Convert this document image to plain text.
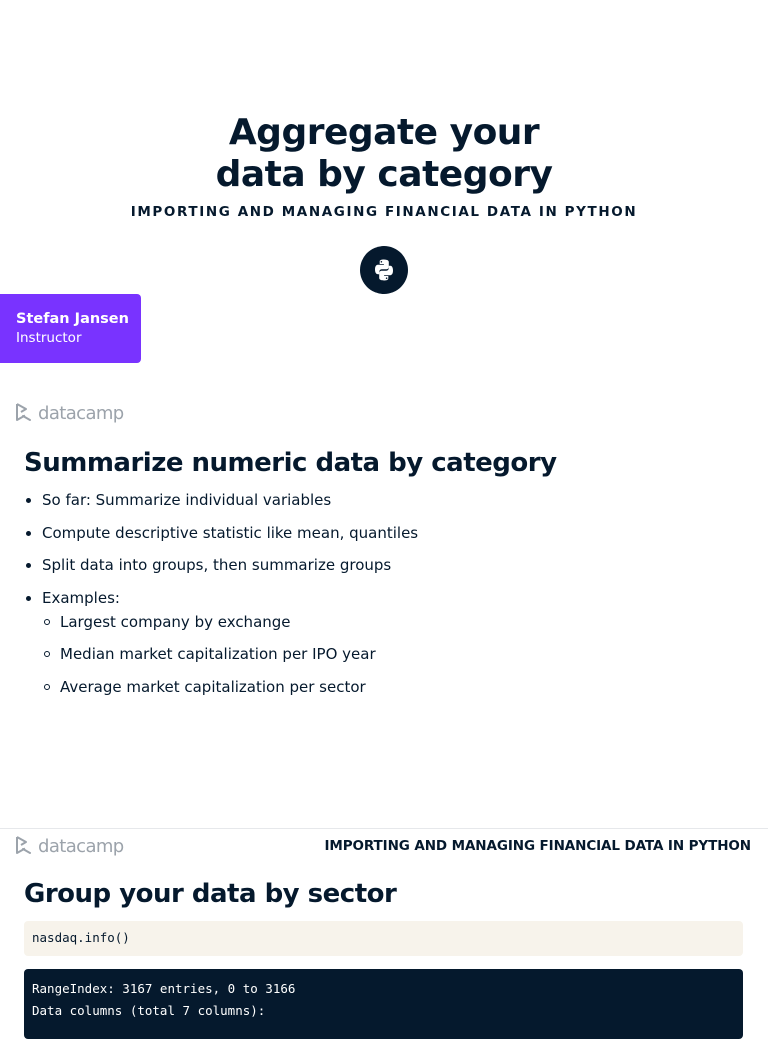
Aggregate your
data by category
IMPORTING AND MANAGING FINANCIAL DATA IN PYTHON
Stefan Jansen
Instructor
datacamp
Summarize numeric data by category
So far: Summarize individual variables
Compute descriptive statistic like mean, quantiles
Split data into groups, then summarize groups
Examples:
Largest company by exchange
Median market capitalization per IPO year
Average market capitalization per sector
datacamp	IMPORTING AND MANAGING FINANCIAL DATA IN PYTHON
Group your data by sector
nasdaq.info()
RangeIndex: 3167 entries, 0 to 3166
Data columns (total 7 columns):
